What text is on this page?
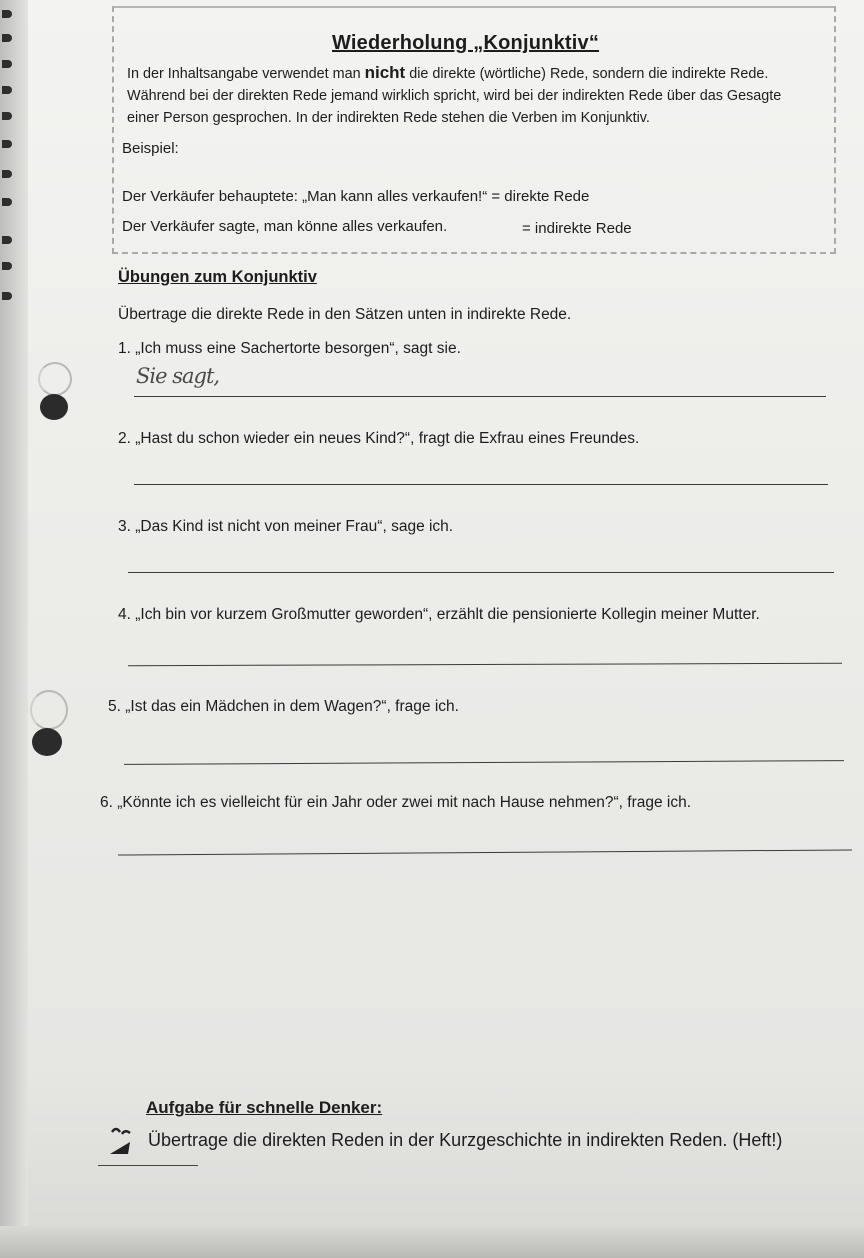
Wiederholung „Konjunktiv“

In der Inhaltsangabe verwendet man nicht die direkte (wörtliche) Rede, sondern die indirekte Rede. Während bei der direkten Rede jemand wirklich spricht, wird bei der indirekten Rede über das Gesagte einer Person gesprochen. In der indirekten Rede stehen die Verben im Konjunktiv.

Beispiel:
Der Verkäufer behauptete: „Man kann alles verkaufen!“ = direkte Rede
Der Verkäufer sagte, man könne alles verkaufen.	= indirekte Rede
Übungen zum Konjunktiv
Übertrage die direkte Rede in den Sätzen unten in indirekte Rede.
1. „Ich muss eine Sachertorte besorgen“, sagt sie.
Sie sagt,
2. „Hast du schon wieder ein neues Kind?“, fragt die Exfrau eines Freundes.
3. „Das Kind ist nicht von meiner Frau“, sage ich.
4. „Ich bin vor kurzem Großmutter geworden“, erzählt die pensionierte Kollegin meiner Mutter.
5. „Ist das ein Mädchen in dem Wagen?“, frage ich.
6. „Könnte ich es vielleicht für ein Jahr oder zwei mit nach Hause nehmen?“, frage ich.
Aufgabe für schnelle Denker:
Übertrage die direkten Reden in der Kurzgeschichte in indirekten Reden. (Heft!)
